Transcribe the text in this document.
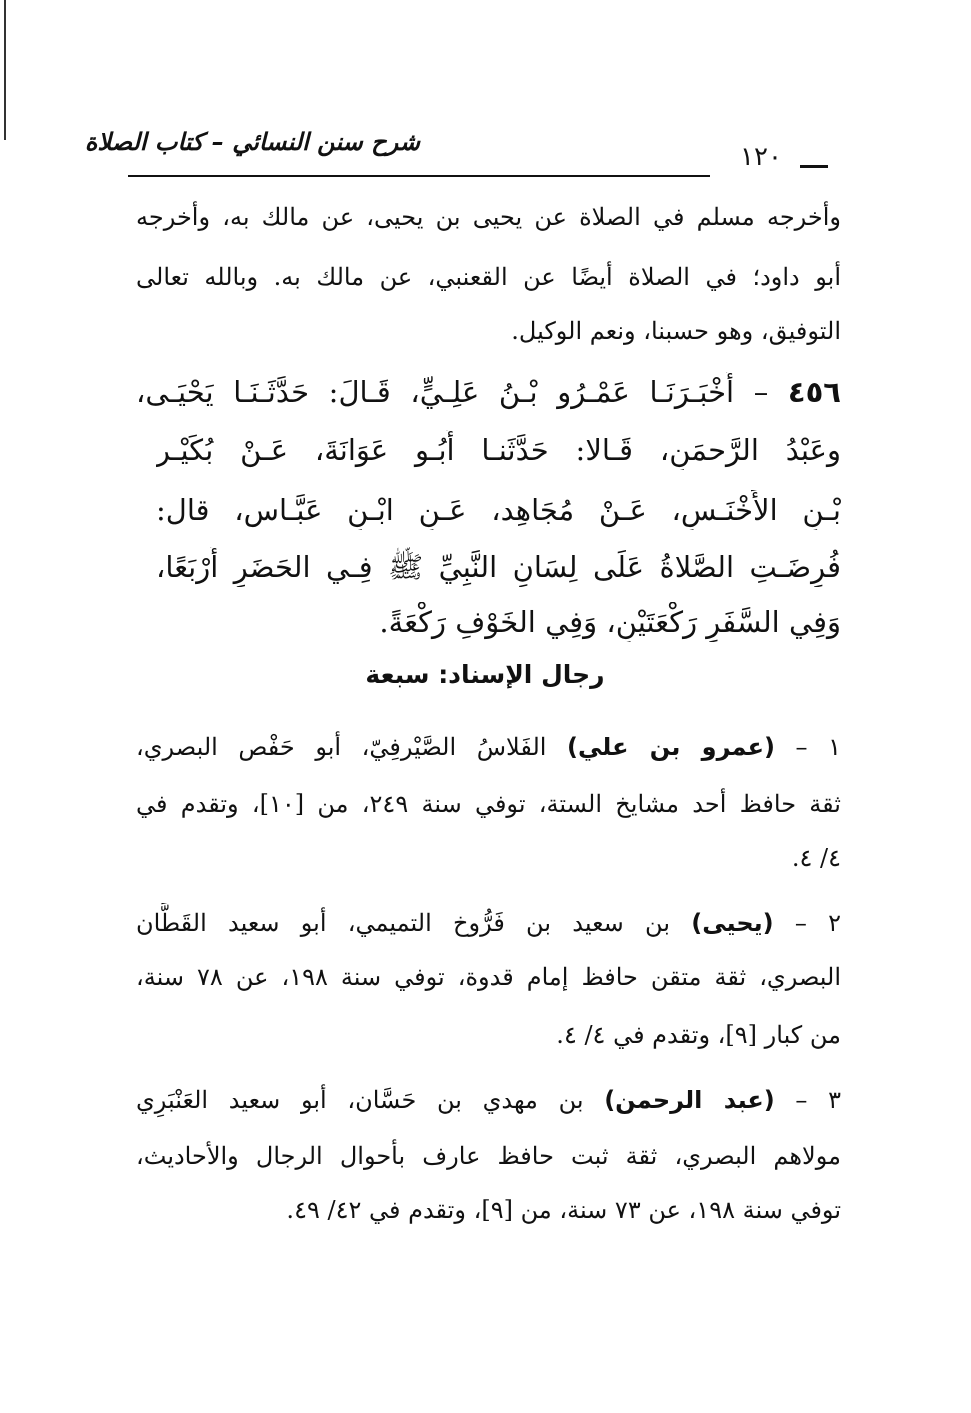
شرح سنن النسائي – كتاب الصلاة	١٢٠
وأخرجه مسلم في الصلاة عن يحيى بن يحيى، عن مالك به، وأخرجه
أبو داود؛ في الصلاة أيضًا عن القعنبي، عن مالك به. وبالله تعالى
التوفيق، وهو حسبنا، ونعم الوكيل.
٤٥٦ – أَخْبَـرَنَـا عَمْـرُو بْـنُ عَلِـيٍّ، قَـالَ: حَدَّثَـنَـا يَحْيَـى،
وعَبْدُ الرَّحمَنِ، قَـالا: حَدَّثَنـا أَبُـو عَوَانَةَ، عَـنْ بُكَيْـر
بْـنِ الأَخْنَـسِ، عَـنْ مُجَاهِد، عَـنِ ابْـنِ عَبَّـاس، قال:
فُرِضَـتِ الصَّلاةُ عَلَى لِسَانِ النَّبِيِّ ﷺ فِـي الحَضَرِ أَرْبَعًا،
وَفِي السَّفَرِ رَكْعَتَيْنِ، وَفِي الخَوْفِ رَكْعَةً.
رجال الإسناد: سبعة
١ – (عمرو بن علي) الفَلاسُ الصَّيْرفِيّ، أبو حَفْص البصري،
ثقة حافظ أحد مشايخ الستة، توفي سنة ٢٤٩، من [١٠]، وتقدم في
٤/ ٤.
٢ – (يحيى) بن سعيد بن فَرُّوخ التميمي، أبو سعيد القَطَّان
البصري، ثقة متقن حافظ إمام قدوة، توفي سنة ١٩٨، عن ٧٨ سنة،
من كبار [٩]، وتقدم في ٤/ ٤.
٣ – (عبد الرحمن) بن مهدي بن حَسَّان، أبو سعيد العَنْبَرِي
مولاهم البصري، ثقة ثبت حافظ عارف بأحوال الرجال والأحاديث،
توفي سنة ١٩٨، عن ٧٣ سنة، من [٩]، وتقدم في ٤٢/ ٤٩.
